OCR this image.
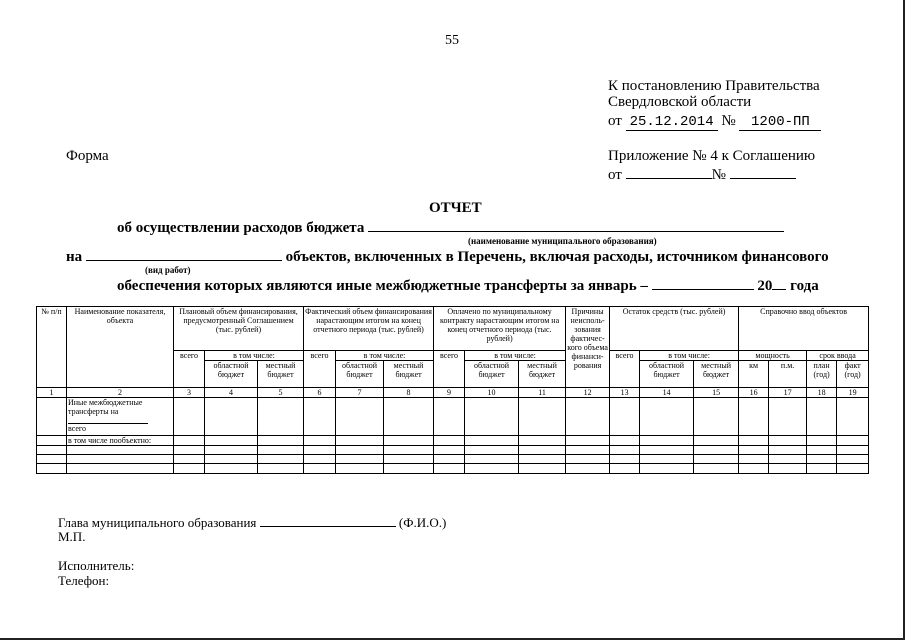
55
К постановлению Правительства
Свердловской области
от 25.12.2014 № 1200-ПП
Форма	Приложение № 4 к Соглашению
от	№
ОТЧЕТ
об осуществлении расходов бюджета
(наименование муниципального образования)
на	объектов, включенных в Перечень, включая расходы, источником финансового
(вид работ)
обеспечения которых являются иные межбюджетные трансферты за январь –	20 года
№ п/п	Наименование показателя, объекта	Плановый объем финансирования, предусмотренный Соглашением (тыс. рублей)			Фактический объем финансирования нарастающим итогом на конец отчетного периода (тыс. рублей)			Оплачено по муниципальному контракту нарастающим итогом на конец отчетного периода (тыс. рублей)			Причины неисполь-зования фактичес-кого объема финанси-рования	Остаток средств (тыс. рублей)			Справочно ввод объектов			
		всего	в том числе:		всего	в том числе:		всего	в том числе:			всего	в том числе:		мощность		срок ввода	
			областной бюджет	местный бюджет		областной бюджет	местный бюджет		областной бюджет	местный бюджет			областной бюджет	местный бюджет	км	п.м.	план (год)	факт (год)
1	2	3	4	5	6	7	8	9	10	11	12	13	14	15	16	17	18	19

	Иные межбюджетные трансферты на
всего																	

	в том числе пообъектно:																	

Глава муниципального образования	(Ф.И.О.)
М.П.
Исполнитель:
Телефон:
